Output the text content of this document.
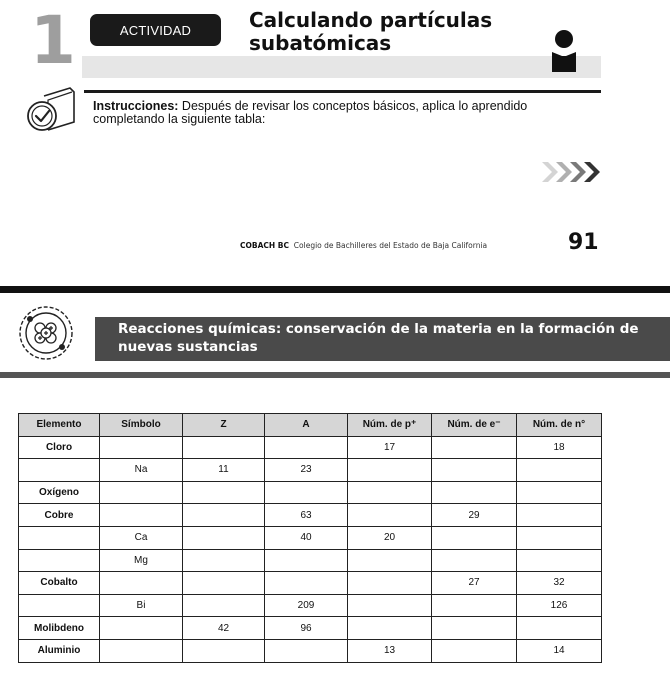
1	ACTIVIDAD	Calculando partículas subatómicas
Instrucciones: Después de revisar los conceptos básicos, aplica lo aprendido completando la siguiente tabla:
COBACH BC Colegio de Bachilleres del Estado de Baja California	91
Reacciones químicas: conservación de la materia en la formación de nuevas sustancias
Elemento	Símbolo	Z	A	Núm. de p⁺	Núm. de e⁻	Núm. de n°
Cloro				17		18
	Na	11	23			
Oxígeno						
Cobre			63		29	
	Ca		40	20		
	Mg					
Cobalto					27	32
	Bi		209			126
Molibdeno		42	96			
Aluminio				13		14
